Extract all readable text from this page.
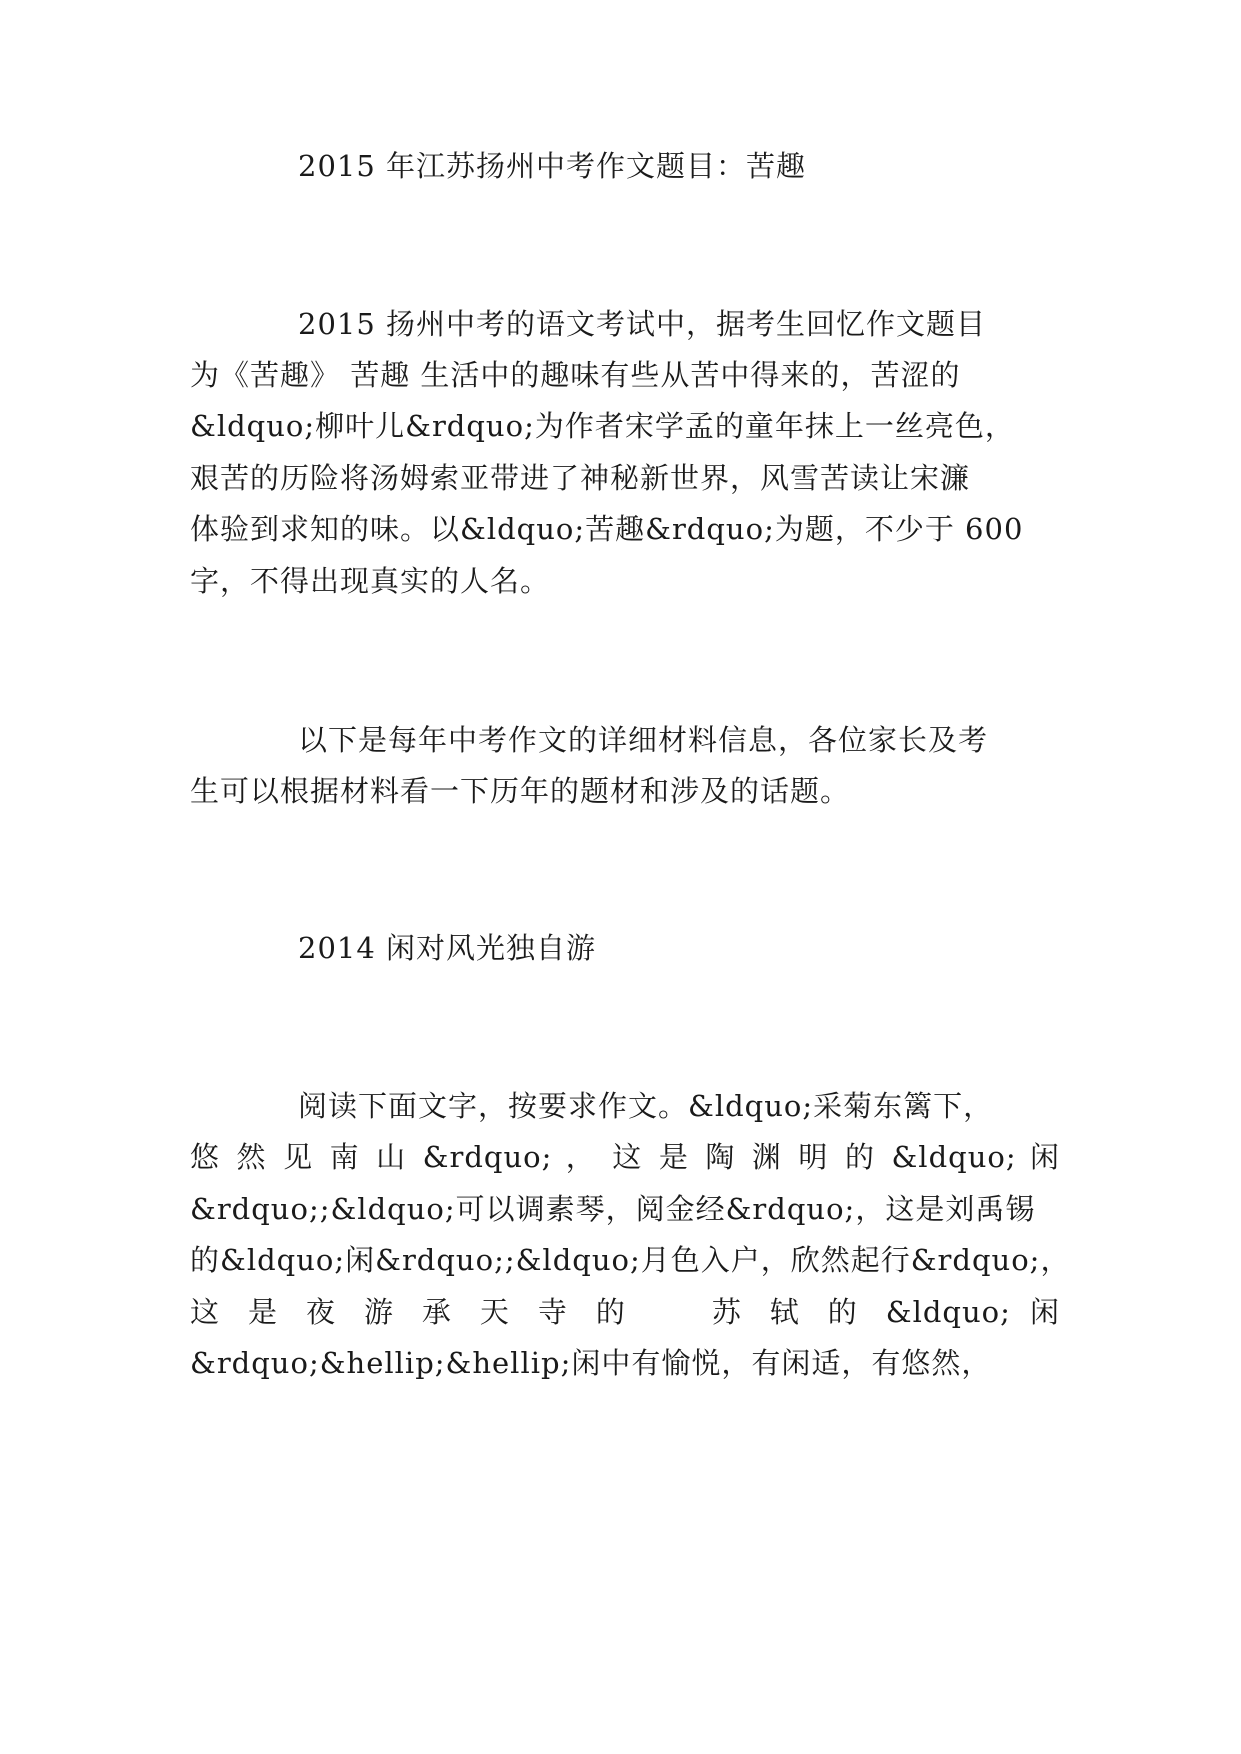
2015 年江苏扬州中考作文题目：苦趣
2015 扬州中考的语文考试中，据考生回忆作文题目
为《苦趣》 苦趣 生活中的趣味有些从苦中得来的，苦涩的
&ldquo;柳叶儿&rdquo;为作者宋学孟的童年抹上一丝亮色，
艰苦的历险将汤姆索亚带进了神秘新世界，风雪苦读让宋濂
体验到求知的味。以&ldquo;苦趣&rdquo;为题，不少于 600
字，不得出现真实的人名。
以下是每年中考作文的详细材料信息，各位家长及考
生可以根据材料看一下历年的题材和涉及的话题。
2014 闲对风光独自游
阅读下面文字，按要求作文。&ldquo;采菊东篱下，
悠 然 见 南 山 &rdquo; ， 这 是 陶 渊 明 的 &ldquo; 闲
&rdquo;;&ldquo;可以调素琴，阅金经&rdquo;，这是刘禹锡
的&ldquo;闲&rdquo;;&ldquo;月色入户，欣然起行&rdquo;，
这 是 夜 游 承 天 寺 的 　 苏 轼 的 &ldquo; 闲
&rdquo;&hellip;&hellip;闲中有愉悦，有闲适，有悠然，
